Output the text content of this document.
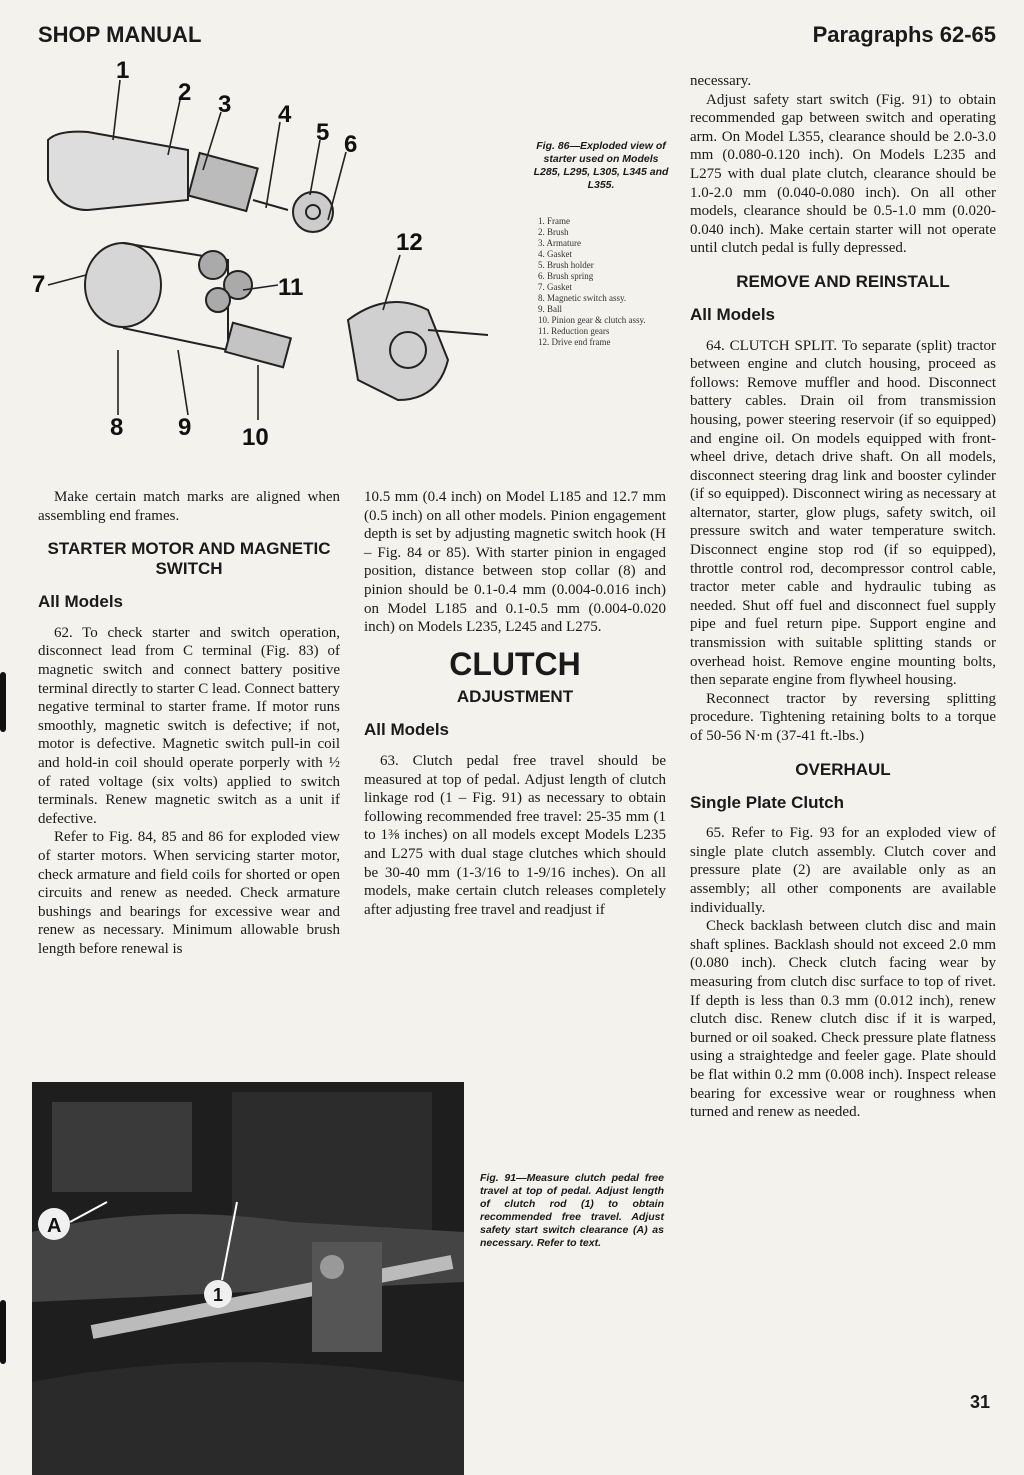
SHOP MANUAL	Paragraphs 62-65
1
2 3 4
5 6
7
8 9 10
11
12
Fig. 86—Exploded view of starter used on Models L285, L295, L305, L345 and L355.
1. Frame
2. Brush
3. Armature
4. Gasket
5. Brush holder
6. Brush spring
7. Gasket
8. Magnetic switch assy.
9. Ball
10. Pinion gear & clutch assy.
11. Reduction gears
12. Drive end frame

Make certain match marks are aligned when assembling end frames.

STARTER MOTOR AND MAGNETIC SWITCH
All Models

62. To check starter and switch operation, disconnect lead from C terminal (Fig. 83) of magnetic switch and connect battery positive terminal directly to starter C lead. Connect battery negative terminal to starter frame. If motor runs smoothly, magnetic switch is defective; if not, motor is defective. Magnetic switch pull-in coil and hold-in coil should operate porperly with ½ of rated voltage (six volts) applied to switch terminals. Renew magnetic switch as a unit if defective.

Refer to Fig. 84, 85 and 86 for exploded view of starter motors. When servicing starter motor, check armature and field coils for shorted or open circuits and renew as needed. Check armature bushings and bearings for excessive wear and renew as necessary. Minimum allowable brush length before renewal is

10.5 mm (0.4 inch) on Model L185 and 12.7 mm (0.5 inch) on all other models. Pinion engagement depth is set by adjusting magnetic switch hook (H – Fig. 84 or 85). With starter pinion in engaged position, distance between stop collar (8) and pinion should be 0.1-0.4 mm (0.004-0.016 inch) on Model L185 and 0.1-0.5 mm (0.004-0.020 inch) on Models L235, L245 and L275.

CLUTCH
ADJUSTMENT
All Models

63. Clutch pedal free travel should be measured at top of pedal. Adjust length of clutch linkage rod (1 – Fig. 91) as necessary to obtain following recommended free travel: 25-35 mm (1 to 1⅜ inches) on all models except Models L235 and L275 with dual stage clutches which should be 30-40 mm (1-3/16 to 1-9/16 inches). On all models, make certain clutch releases completely after adjusting free travel and readjust if

necessary.

Adjust safety start switch (Fig. 91) to obtain recommended gap between switch and operating arm. On Model L355, clearance should be 2.0-3.0 mm (0.080-0.120 inch). On Models L235 and L275 with dual plate clutch, clearance should be 1.0-2.0 mm (0.040-0.080 inch). On all other models, clearance should be 0.5-1.0 mm (0.020-0.040 inch). Make certain starter will not operate until clutch pedal is fully depressed.

REMOVE AND REINSTALL
All Models

64. CLUTCH SPLIT. To separate (split) tractor between engine and clutch housing, proceed as follows: Remove muffler and hood. Disconnect battery cables. Drain oil from transmission housing, power steering reservoir (if so equipped) and engine oil. On models equipped with front-wheel drive, detach drive shaft. On all models, disconnect steering drag link and booster cylinder (if so equipped). Disconnect wiring as necessary at alternator, starter, glow plugs, safety switch, oil pressure switch and water temperature switch. Disconnect engine stop rod (if so equipped), throttle control rod, decompressor control cable, tractor meter cable and hydraulic tubing as needed. Shut off fuel and disconnect fuel supply pipe and fuel return pipe. Support engine and transmission with suitable splitting stands or overhead hoist. Remove engine mounting bolts, then separate engine from flywheel housing.

Reconnect tractor by reversing splitting procedure. Tightening retaining bolts to a torque of 50-56 N·m (37-41 ft.-lbs.)

OVERHAUL
Single Plate Clutch

65. Refer to Fig. 93 for an exploded view of single plate clutch assembly. Clutch cover and pressure plate (2) are available only as an assembly; all other components are available individually.

Check backlash between clutch disc and main shaft splines. Backlash should not exceed 2.0 mm (0.080 inch). Check clutch facing wear by measuring from clutch disc surface to top of rivet. If depth is less than 0.3 mm (0.012 inch), renew clutch disc. Renew clutch disc if it is warped, burned or oil soaked. Check pressure plate flatness using a straightedge and feeler gage. Plate should be flat within 0.2 mm (0.008 inch). Inspect release bearing for excessive wear or roughness when turned and renew as needed.

A
1
Fig. 91—Measure clutch pedal free travel at top of pedal. Adjust length of clutch rod (1) to obtain recommended free travel. Adjust safety start switch clearance (A) as necessary. Refer to text.
31
